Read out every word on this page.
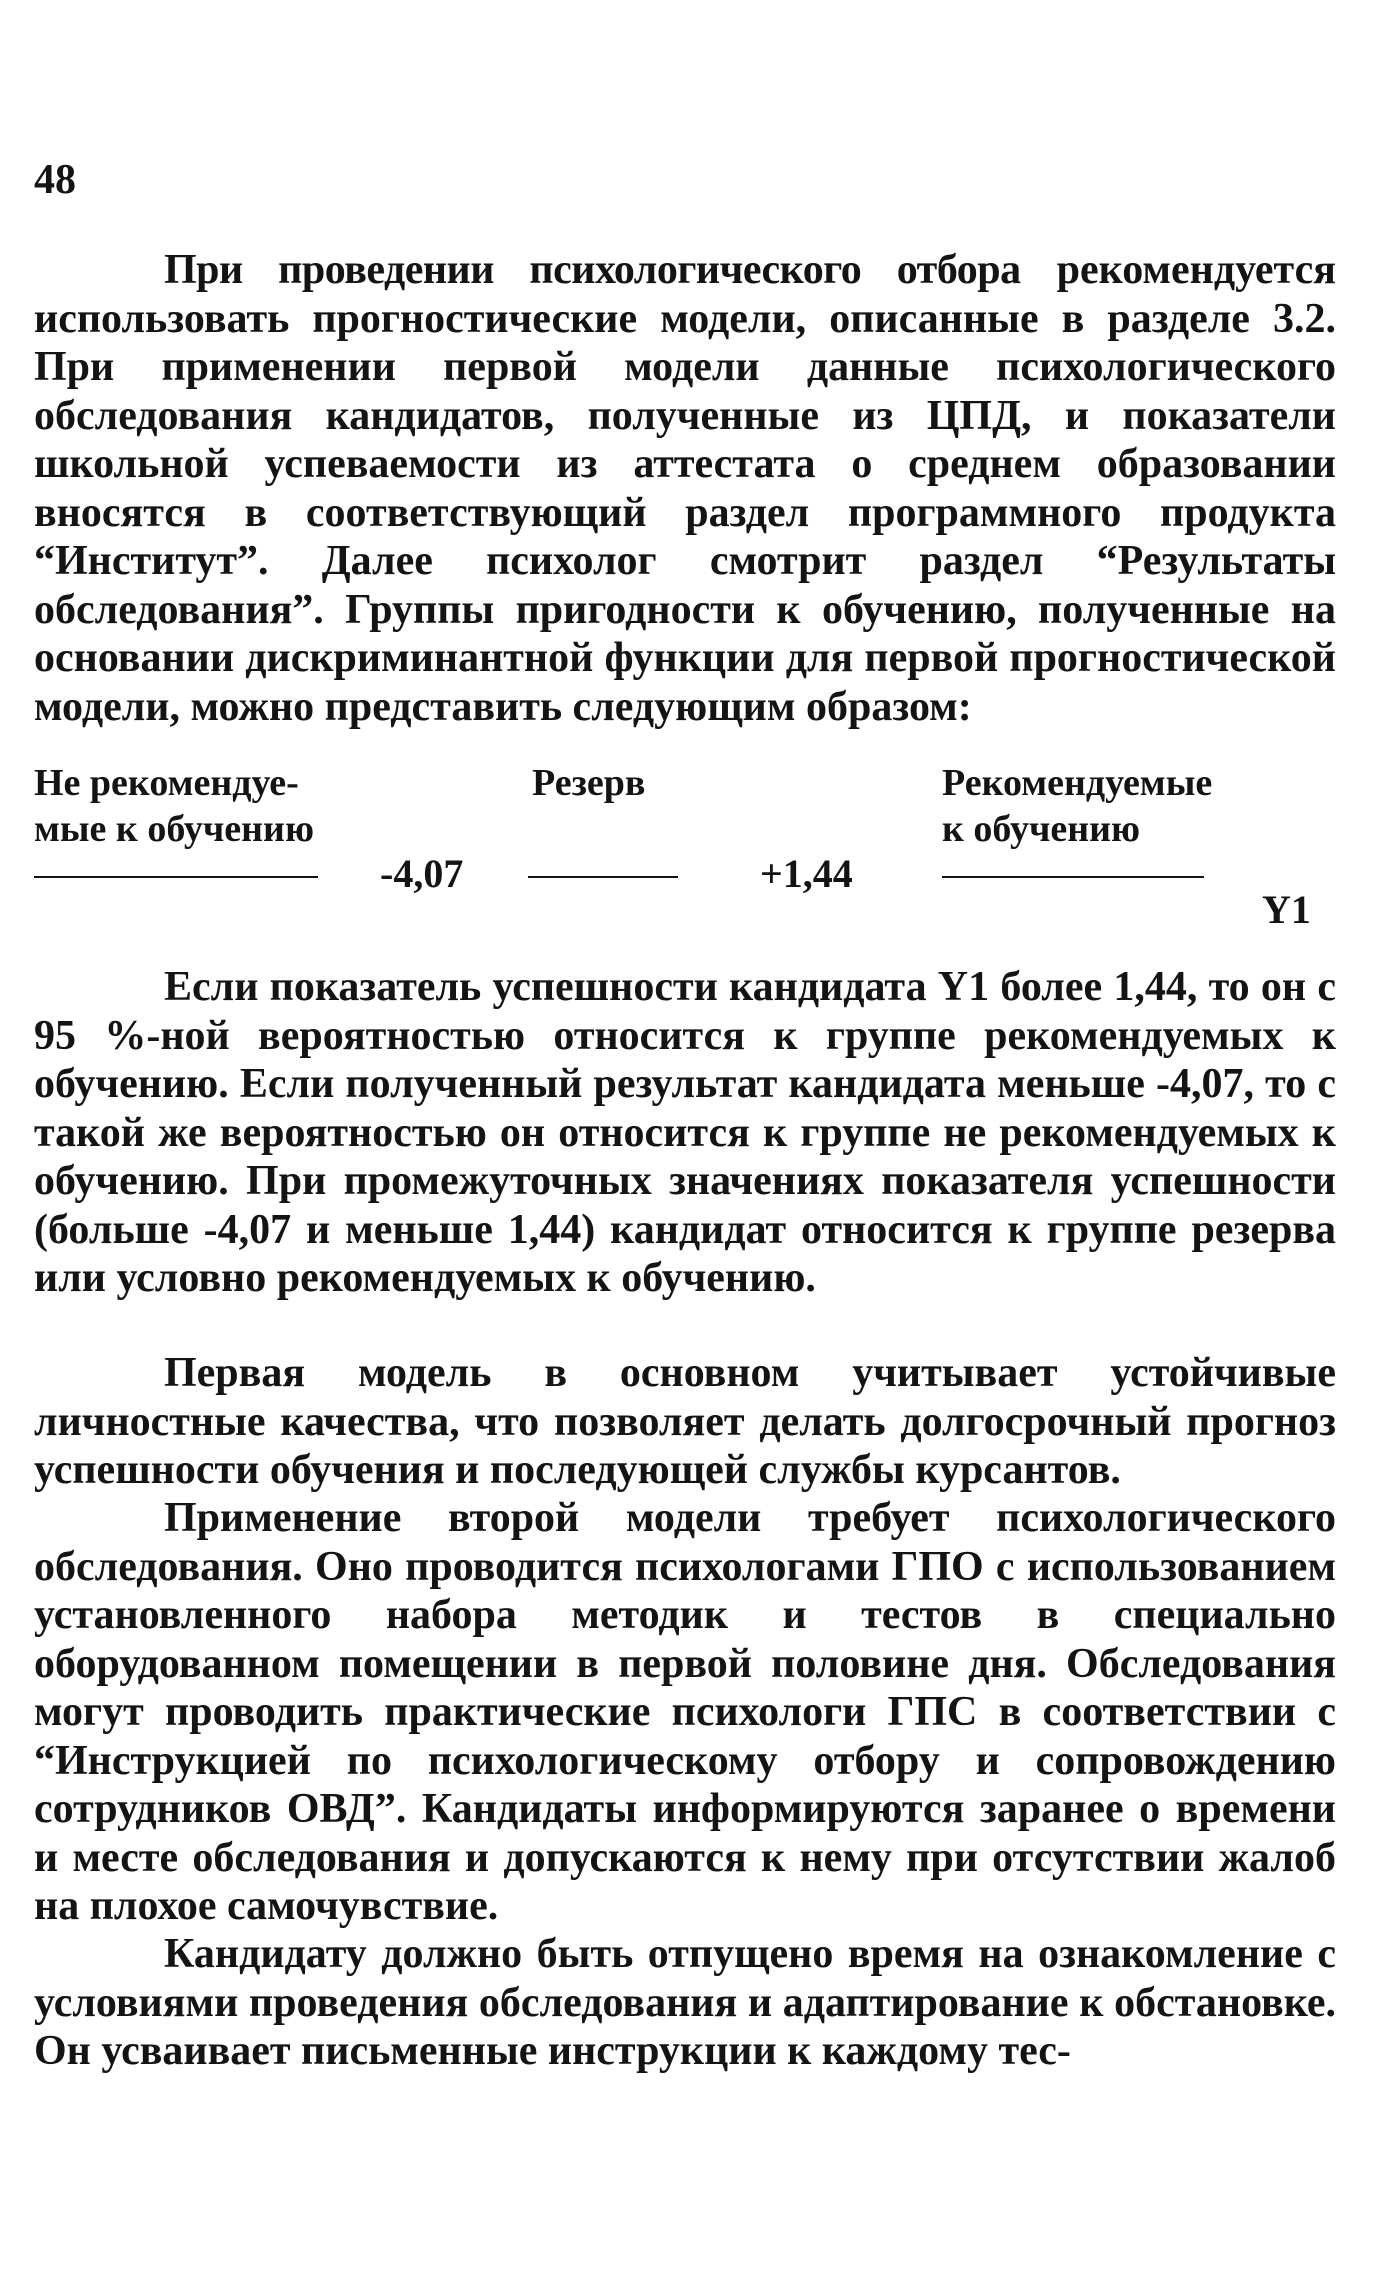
48

При проведении психологического отбора рекомендуется использовать прогностические модели, описанные в разделе 3.2. При применении первой модели данные психологического обследования кандидатов, полученные из ЦПД, и показатели школьной успеваемости из аттестата о среднем образовании вносятся в соответствующий раздел программного продукта “Институт”. Далее психолог смотрит раздел “Результаты обследования”. Группы пригодности к обучению, полученные на основании дискриминантной функции для первой прогностической модели, можно представить следующим образом:

Не рекомендуе-
мые к обучению
Резерв	Рекомендуемые
к обучению
-4,07	+1,44
Y1

Если показатель успешности кандидата Y1 более 1,44, то он с 95 %-ной вероятностью относится к группе рекомендуемых к обучению. Если полученный результат кандидата меньше -4,07, то с такой же вероятностью он относится к группе не рекомендуемых к обучению. При промежуточных значениях показателя успешности (больше -4,07 и меньше 1,44) кандидат относится к группе резерва или условно рекомендуемых к обучению.

Первая модель в основном учитывает устойчивые личностные качества, что позволяет делать долгосрочный прогноз успешности обучения и последующей службы курсантов.

Применение второй модели требует психологического обследования. Оно проводится психологами ГПО с использованием установленного набора методик и тестов в специально оборудованном помещении в первой половине дня. Обследования могут проводить практические психологи ГПС в соответствии с “Инструкцией по психологическому отбору и сопровождению сотрудников ОВД”. Кандидаты информируются заранее о времени и месте обследования и допускаются к нему при отсутствии жалоб на плохое самочувствие.

Кандидату должно быть отпущено время на ознакомление с условиями проведения обследования и адаптирование к обстановке. Он усваивает письменные инструкции к каждому тес-
